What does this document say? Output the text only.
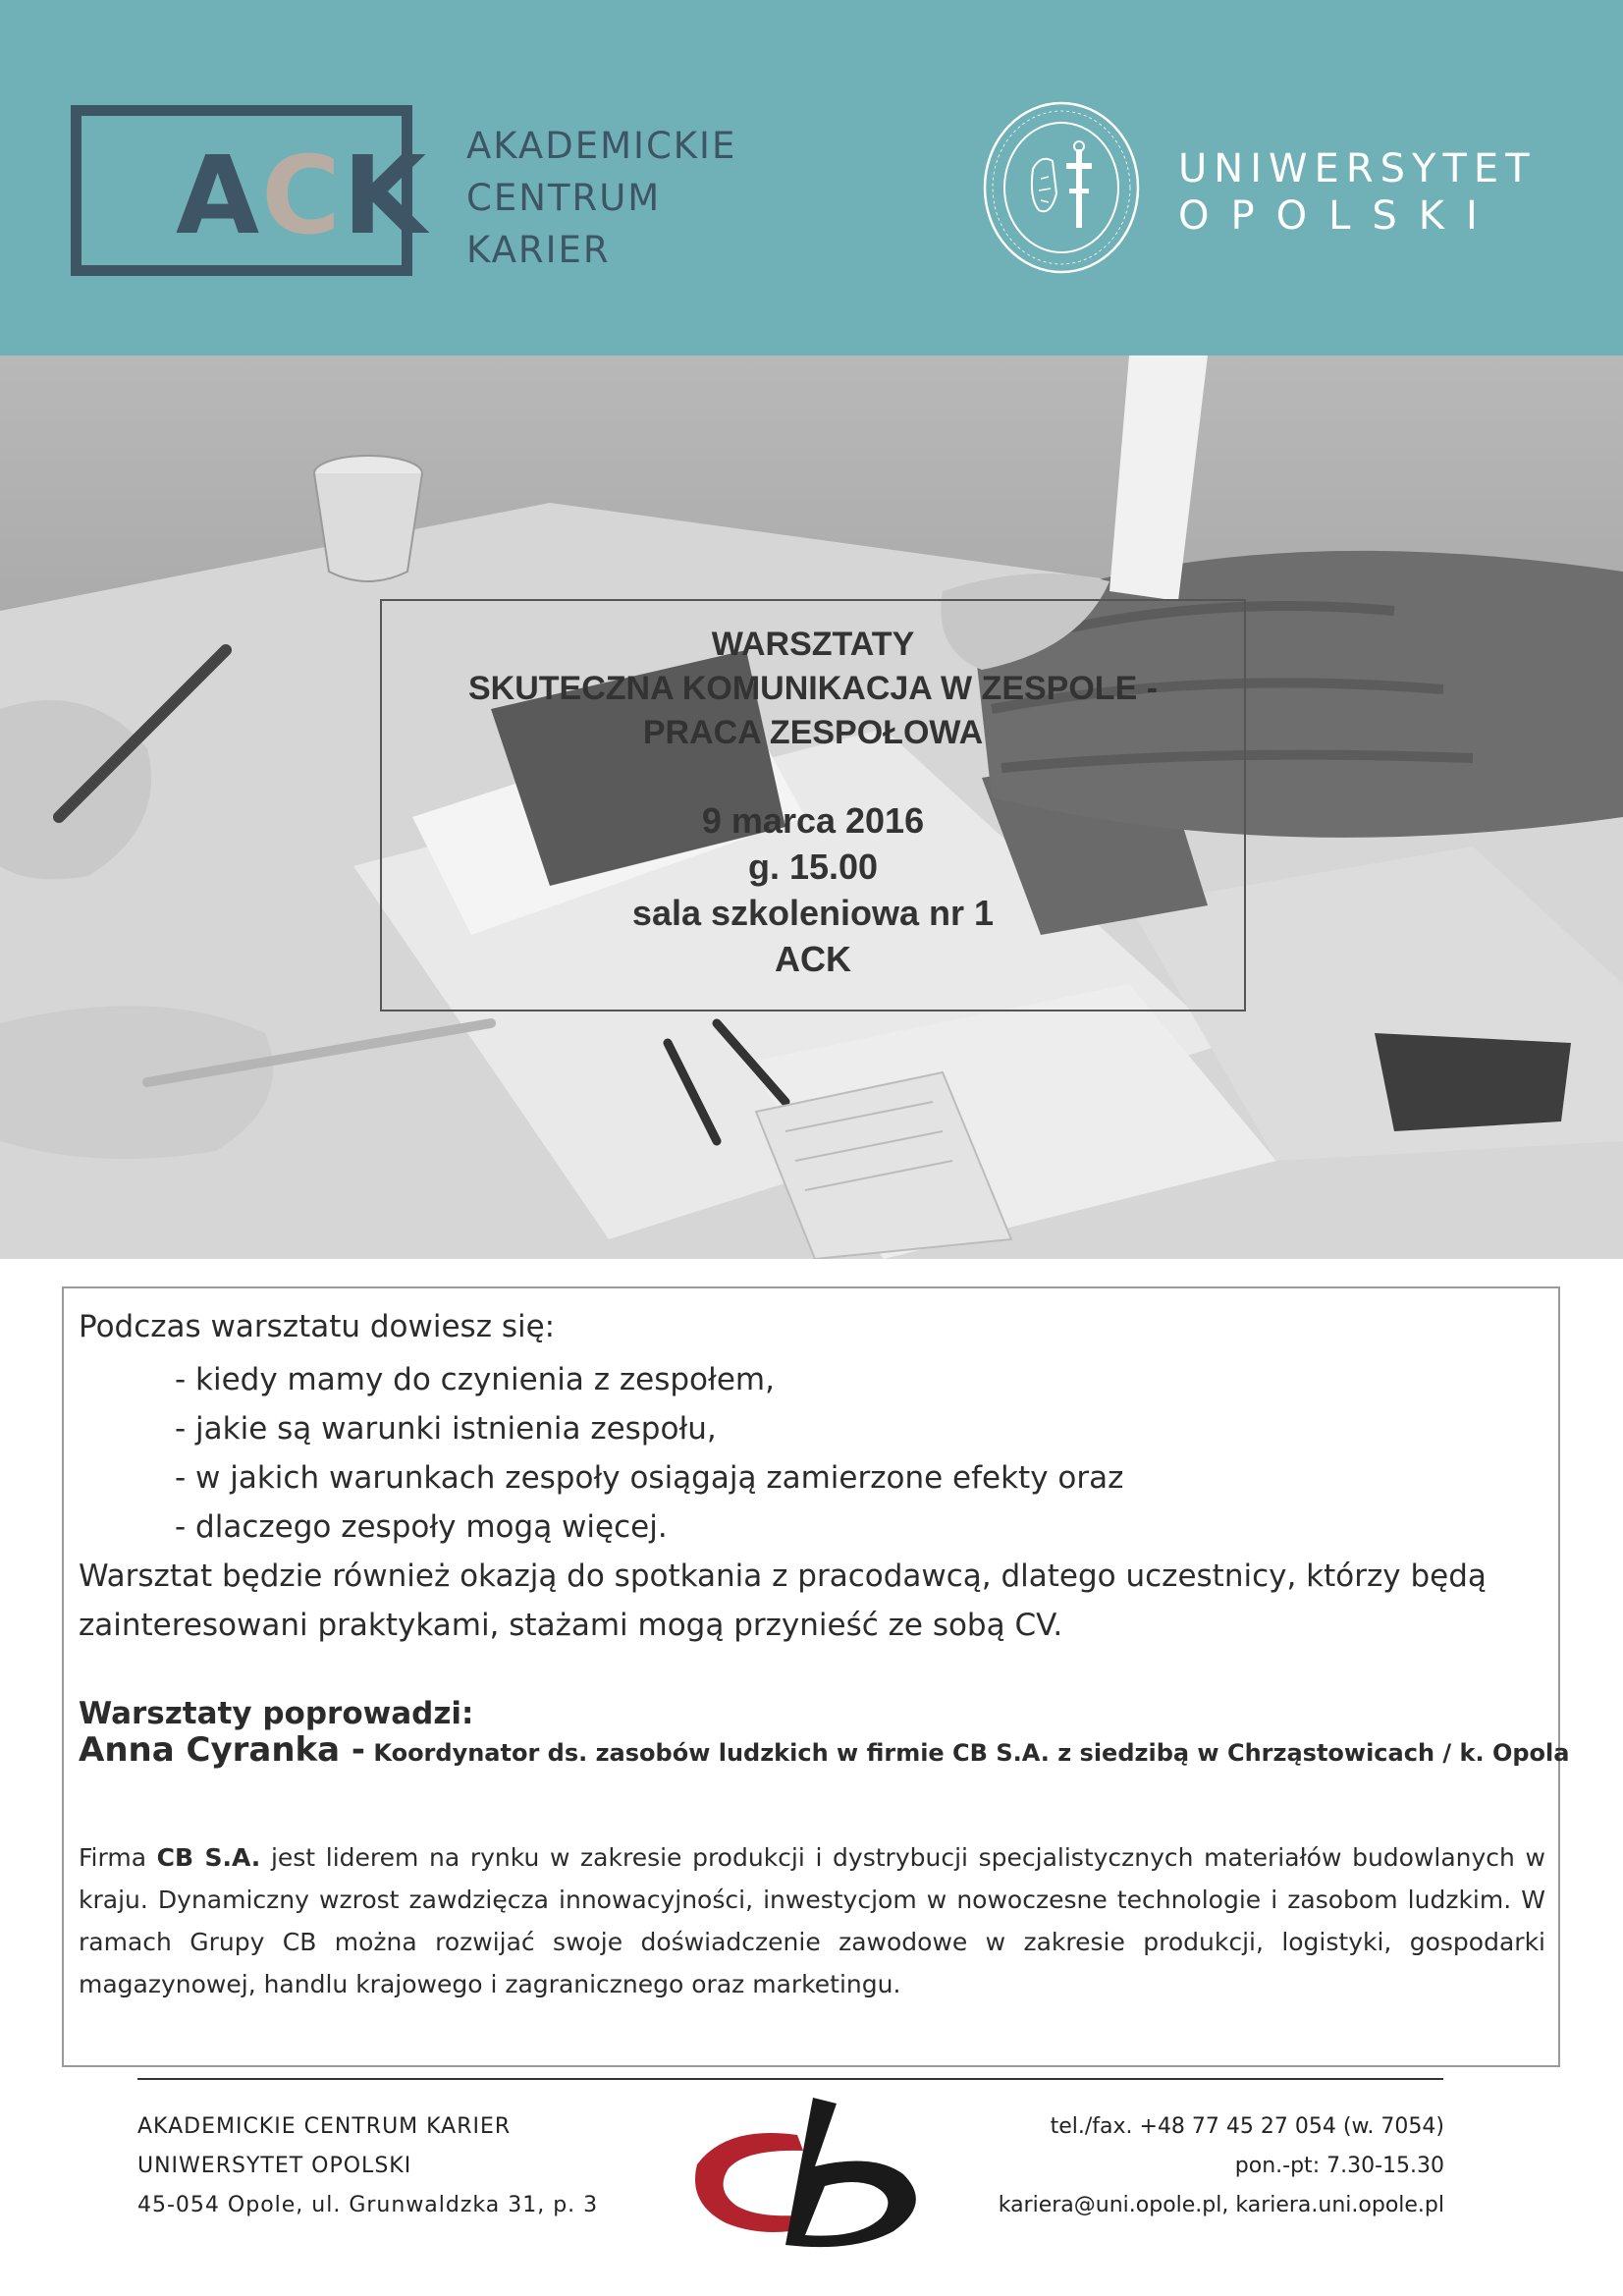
ACK AKADEMICKIE
CENTRUM
KARIER
UNIWERSYTET
OPOLSKI
WARSZTATY
SKUTECZNA KOMUNIKACJA W ZESPOLE -
PRACA ZESPOŁOWA
9 marca 2016
g. 15.00
sala szkoleniowa nr 1
ACK
Podczas warsztatu dowiesz się:
- kiedy mamy do czynienia z zespołem,
- jakie są warunki istnienia zespołu,
- w jakich warunkach zespoły osiągają zamierzone efekty oraz
- dlaczego zespoły mogą więcej.
Warsztat będzie również okazją do spotkania z pracodawcą, dlatego uczestnicy, którzy będą
zainteresowani praktykami, stażami mogą przynieść ze sobą CV.
Warsztaty poprowadzi:
Anna Cyranka - Koordynator ds. zasobów ludzkich w firmie CB S.A. z siedzibą w Chrząstowicach / k. Opola
Firma CB S.A. jest liderem na rynku w zakresie produkcji i dystrybucji specjalistycznych materiałów budowlanych w kraju. Dynamiczny wzrost zawdzięcza innowacyjności, inwestycjom w nowoczesne technologie i zasobom ludzkim. W ramach Grupy CB można rozwijać swoje doświadczenie zawodowe w zakresie produkcji, logistyki, gospodarki magazynowej, handlu krajowego i zagranicznego oraz marketingu.
AKADEMICKIE CENTRUM KARIER
UNIWERSYTET OPOLSKI
45-054 Opole, ul. Grunwaldzka 31, p. 3
tel./fax. +48 77 45 27 054 (w. 7054)
pon.-pt: 7.30-15.30
kariera@uni.opole.pl, kariera.uni.opole.pl
